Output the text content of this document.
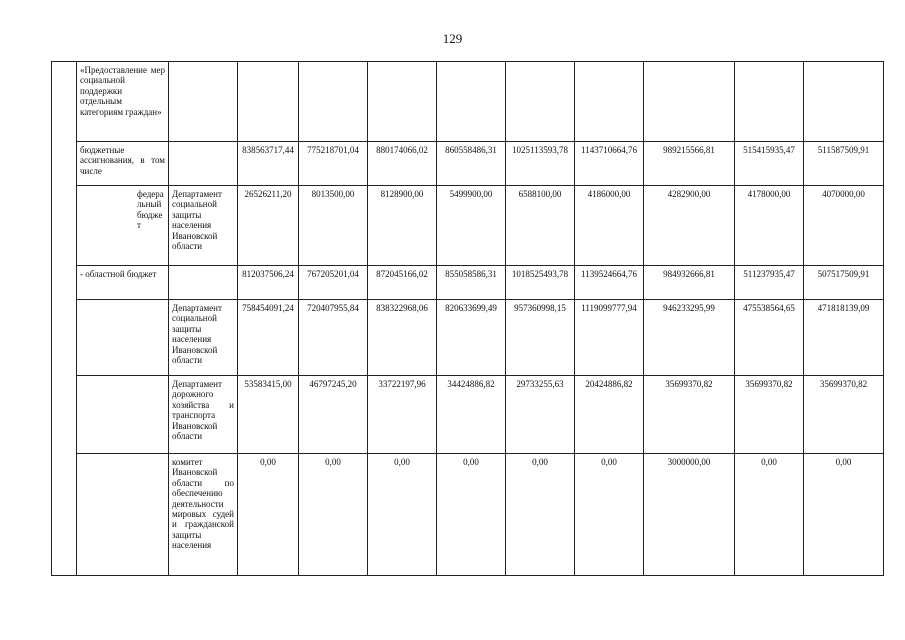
129
	«Предоставление мер социальной поддержки отдельным категориям граждан»										
	бюджетные ассигнования, в том числе		838563717,44	775218701,04	880174066,02	860558486,31	1025113593,78	1143710664,76	989215566,81	515415935,47	511587509,91
	федеральный бюджет	Департамент социальной защиты населения Ивановской области	26526211,20	8013500,00	8128900,00	5499900,00	6588100,00	4186000,00	4282900,00	4178000,00	4070000,00
	- областной бюджет		812037506,24	767205201,04	872045166,02	855058586,31	1018525493,78	1139524664,76	984932666,81	511237935,47	507517509,91
		Департамент социальной защиты населения Ивановской области	758454091,24	720407955,84	838322968,06	820633699,49	957360998,15	1119099777,94	946233295,99	475538564,65	471818139,09
		Департамент дорожного хозяйства и транспорта Ивановской области	53583415,00	46797245,20	33722197,96	34424886,82	29733255,63	20424886,82	35699370,82	35699370,82	35699370,82
		комитет Ивановской области по обеспечению деятельности мировых судей и гражданской защиты населения	0,00	0,00	0,00	0,00	0,00	0,00	3000000,00	0,00	0,00
